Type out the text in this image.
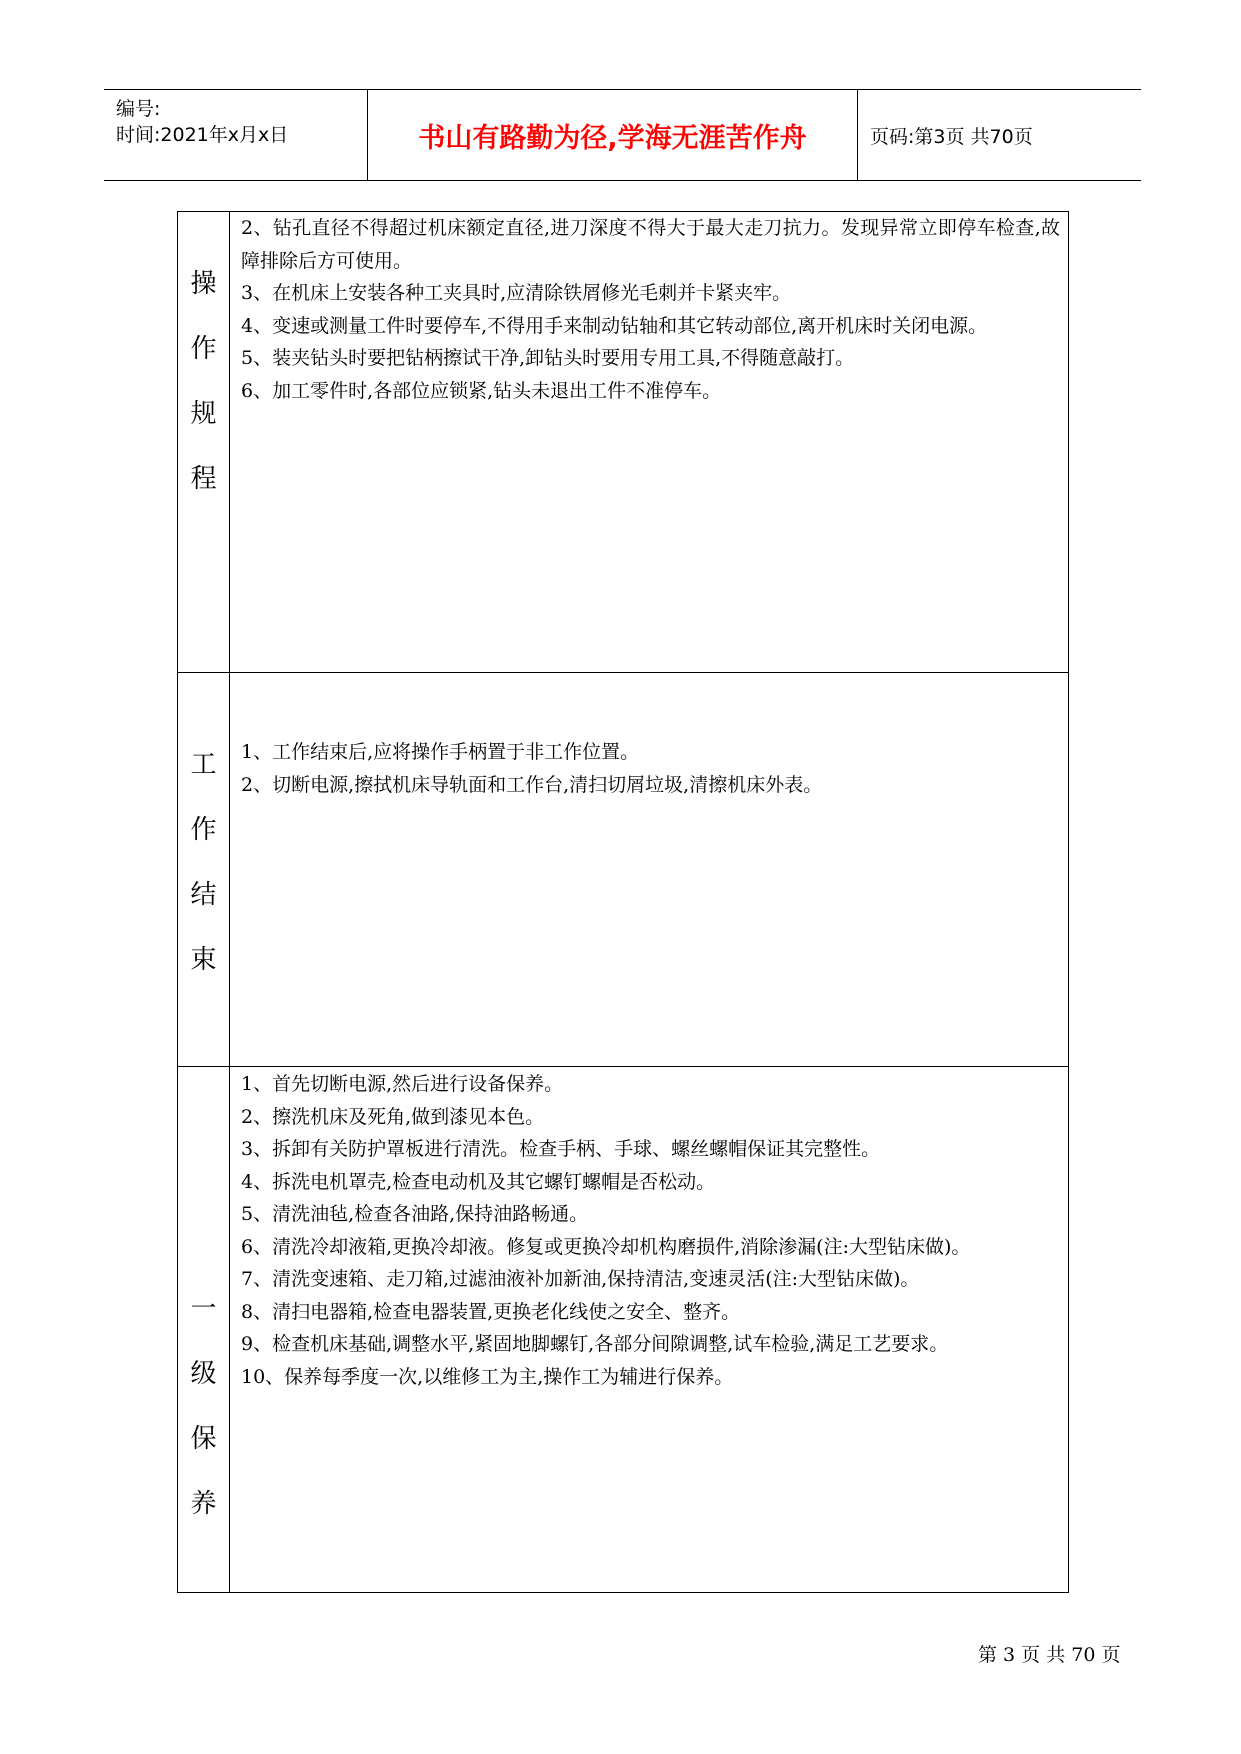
编号:
时间:2021年x月x日	书山有路勤为径,学海无涯苦作舟	页码:第3页 共70页
操
作
规
程
2、钻孔直径不得超过机床额定直径,进刀深度不得大于最大走刀抗力。发现异常立即停车检查,故障排除后方可使用。
3、在机床上安装各种工夹具时,应清除铁屑修光毛刺并卡紧夹牢。
4、变速或测量工件时要停车,不得用手来制动钻轴和其它转动部位,离开机床时关闭电源。
5、装夹钻头时要把钻柄擦试干净,卸钻头时要用专用工具,不得随意敲打。
6、加工零件时,各部位应锁紧,钻头未退出工件不准停车。
工
作
结
束
1、工作结束后,应将操作手柄置于非工作位置。
2、切断电源,擦拭机床导轨面和工作台,清扫切屑垃圾,清擦机床外表。
一
级
保
养
1、首先切断电源,然后进行设备保养。
2、擦洗机床及死角,做到漆见本色。
3、拆卸有关防护罩板进行清洗。检查手柄、手球、螺丝螺帽保证其完整性。
4、拆洗电机罩壳,检查电动机及其它螺钉螺帽是否松动。
5、清洗油毡,检查各油路,保持油路畅通。
6、清洗冷却液箱,更换冷却液。修复或更换冷却机构磨损件,消除渗漏(注:大型钻床做)。
7、清洗变速箱、走刀箱,过滤油液补加新油,保持清洁,变速灵活(注:大型钻床做)。
8、清扫电器箱,检查电器装置,更换老化线使之安全、整齐。
9、检查机床基础,调整水平,紧固地脚螺钉,各部分间隙调整,试车检验,满足工艺要求。
10、保养每季度一次,以维修工为主,操作工为辅进行保养。
第 3 页 共 70 页
